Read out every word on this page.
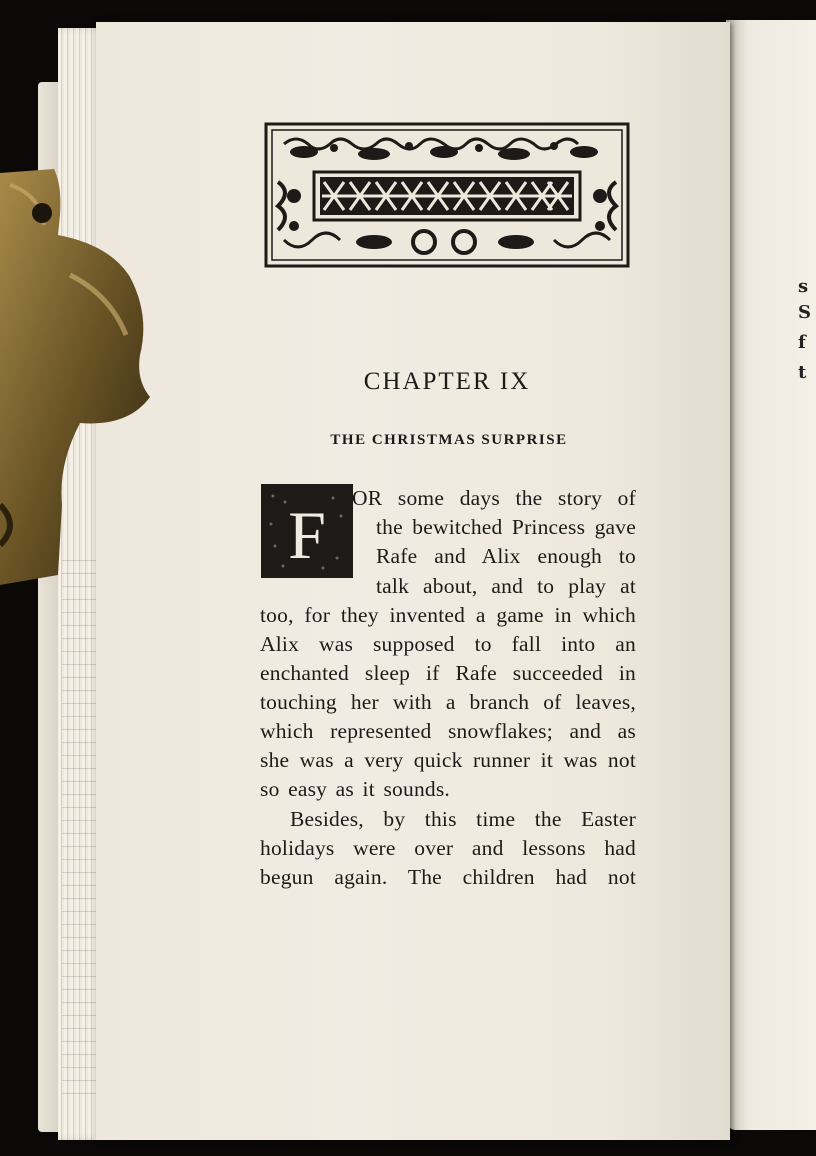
s
S
f
t
CHAPTER IX
THE CHRISTMAS SURPRISE
F OR some days the story of
the bewitched Princess gave
Rafe and Alix enough to
talk about, and to play at
too, for they invented a game in which
Alix was supposed to fall into an
enchanted sleep if Rafe succeeded in
touching her with a branch of leaves,
which represented snowflakes; and as
she was a very quick runner it was not
so easy as it sounds.
Besides, by this time the Easter
holidays were over and lessons had
begun again. The children had not
